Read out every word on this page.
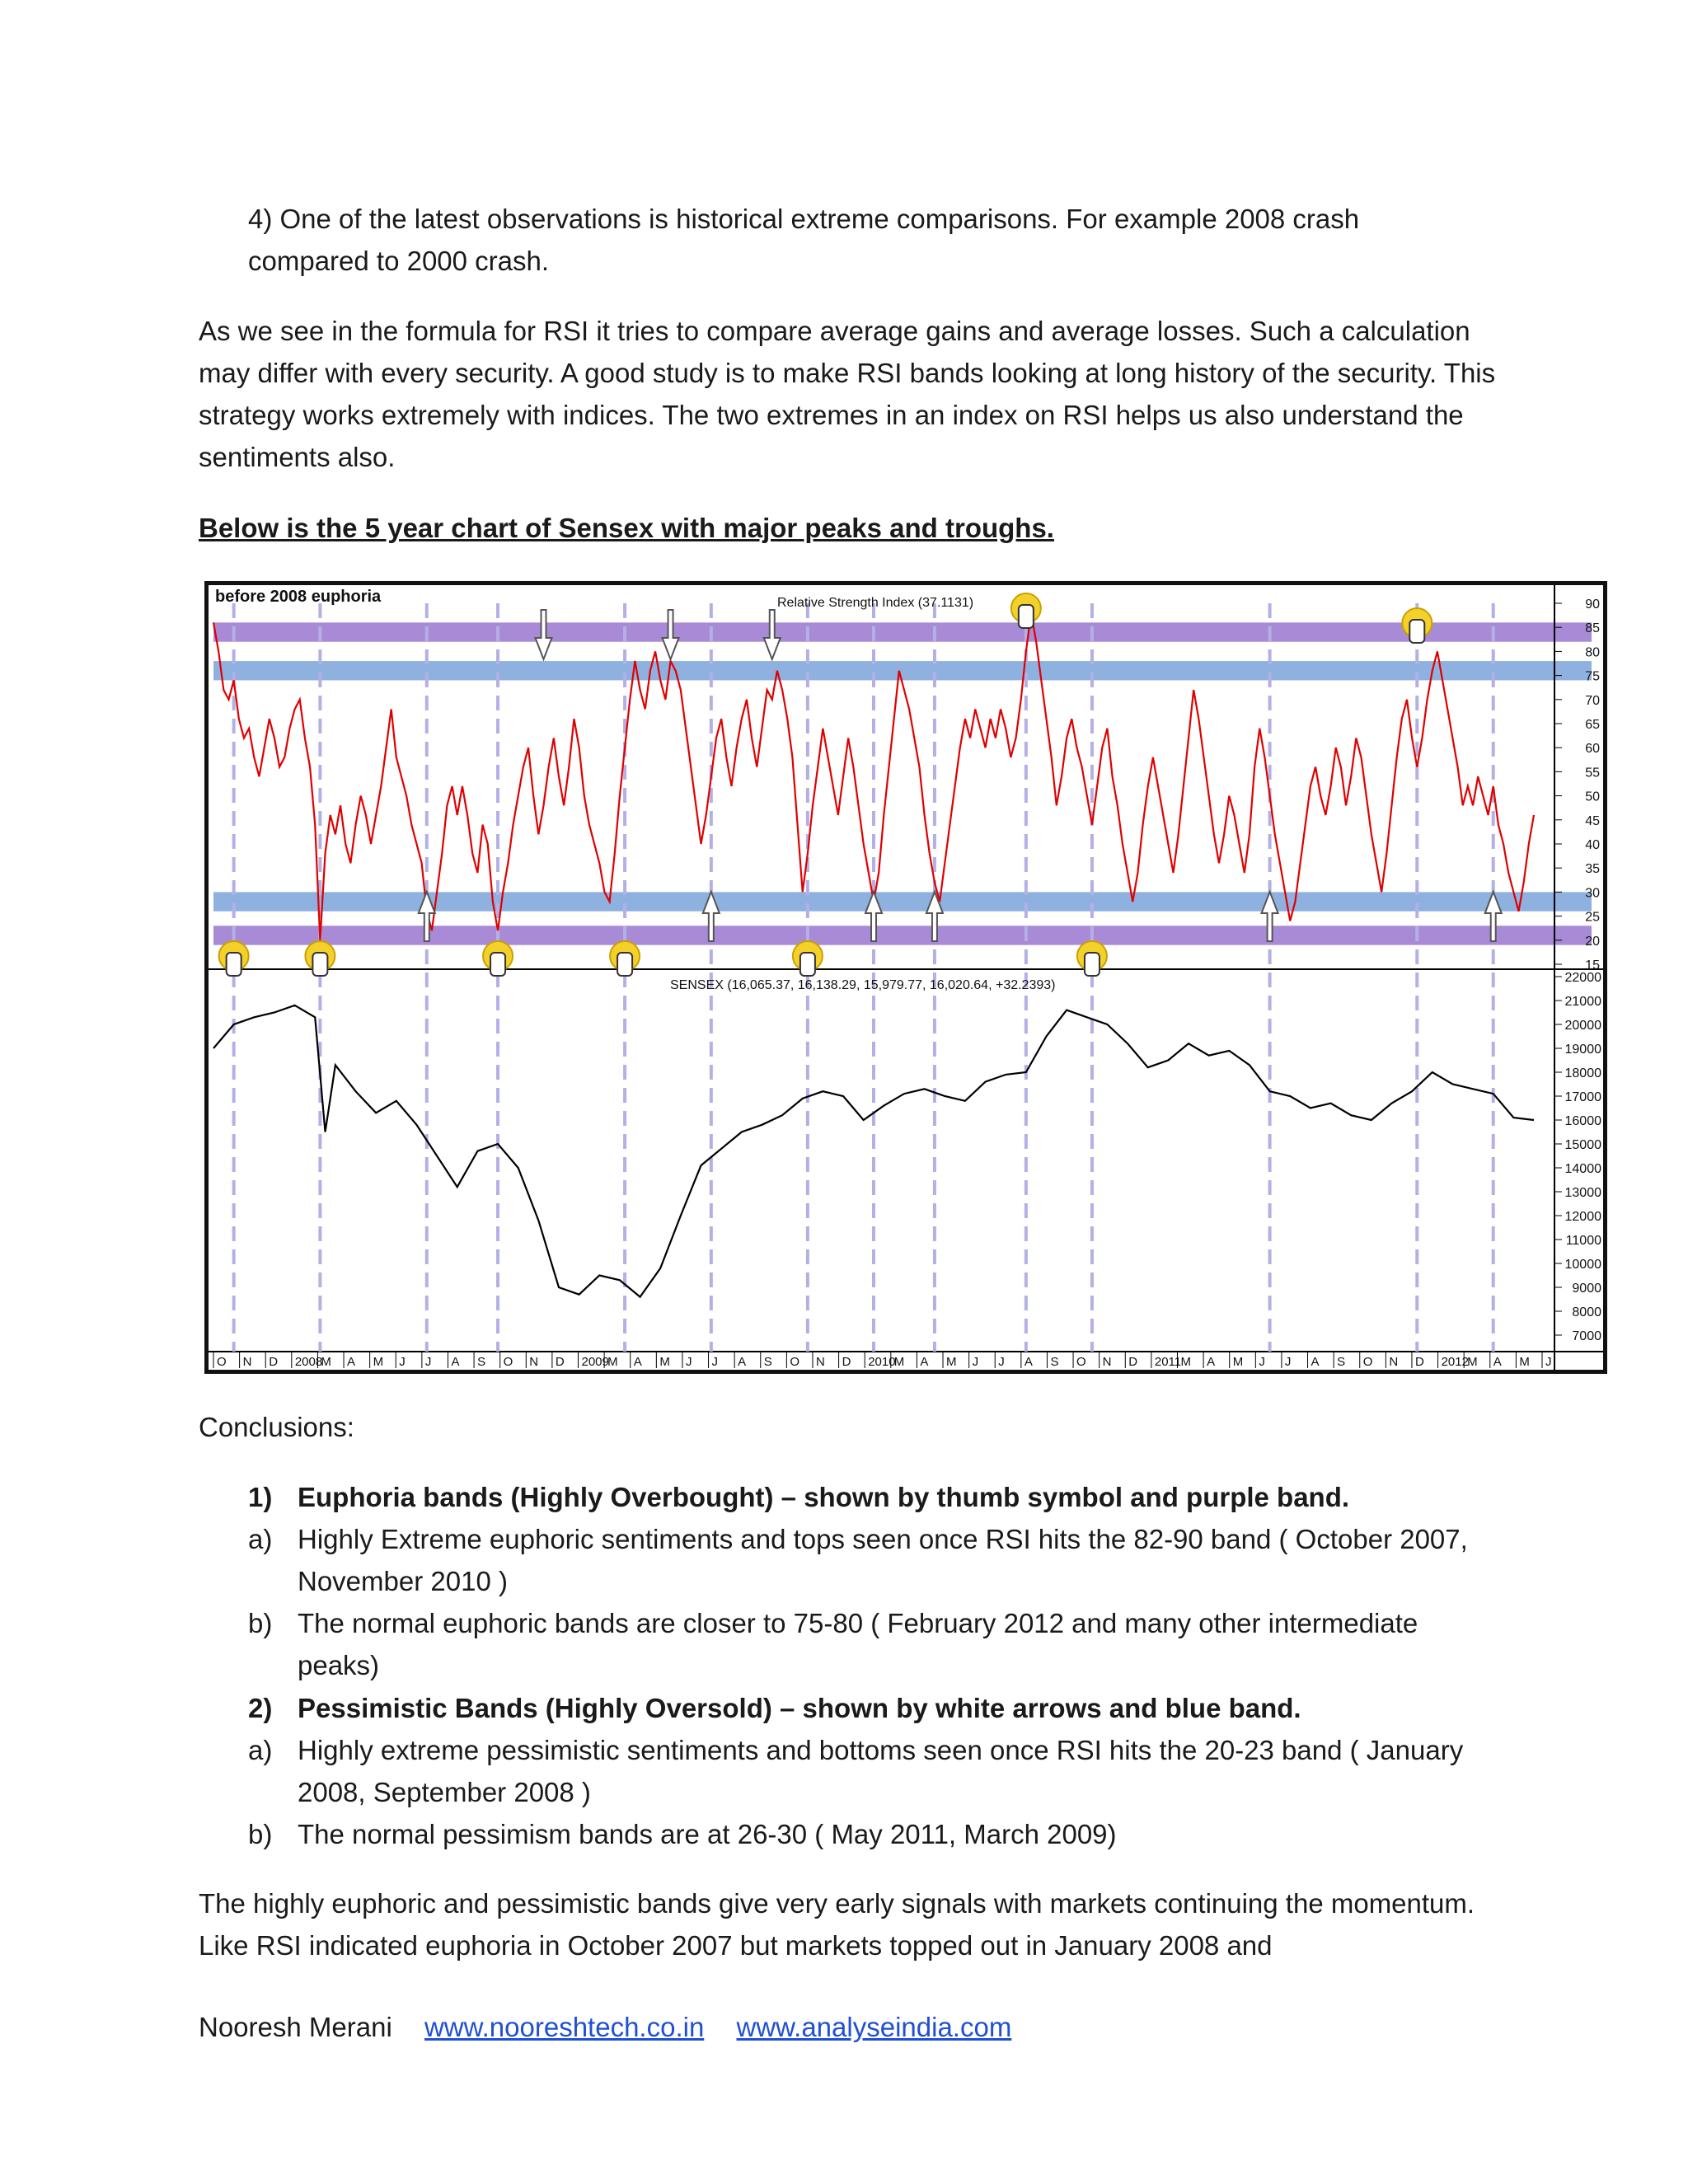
4) One of the latest observations is historical extreme comparisons. For example 2008 crash compared to 2000 crash.

As we see in the formula for RSI it tries to compare average gains and average losses. Such a calculation may differ with every security. A good study is to make RSI bands looking at long history of the security. This strategy works extremely with indices. The two extremes in an index on RSI helps us also understand the sentiments also.

Below is the 5 year chart of Sensex with major peaks and troughs.

before 2008 euphoria	Relative Strength Index (37.1131)
SENSEX (16,065.37, 16,138.29, 15,979.77, 16,020.64, +32.2393)
90
85
80
75
70
65
60
55
50
45
40
35
30
25
20
15
22000
21000
20000
19000
18000
17000
16000
15000
14000
13000
12000
11000
10000
9000
8000
7000
O N D 2008
M A M J J A S O N D 2009
M A M J J A S O N D 2010
M A M J J A S O N D 2011 M A M J J A S O N D 2012
M A M J

Conclusions:

1) Euphoria bands (Highly Overbought) – shown by thumb symbol and purple band.
a) Highly Extreme euphoric sentiments and tops seen once RSI hits the 82-90 band ( October 2007, November 2010 )
b) The normal euphoric bands are closer to 75-80 ( February 2012 and many other intermediate peaks)
2) Pessimistic Bands (Highly Oversold) – shown by white arrows and blue band.
a) Highly extreme pessimistic sentiments and bottoms seen once RSI hits the 20-23 band ( January 2008, September 2008 )
b) The normal pessimism bands are at 26-30 ( May 2011, March 2009)

The highly euphoric and pessimistic bands give very early signals with markets continuing the momentum. Like RSI indicated euphoria in October 2007 but markets topped out in January 2008 and

Nooresh Merani www.nooreshtech.co.in www.analyseindia.com
